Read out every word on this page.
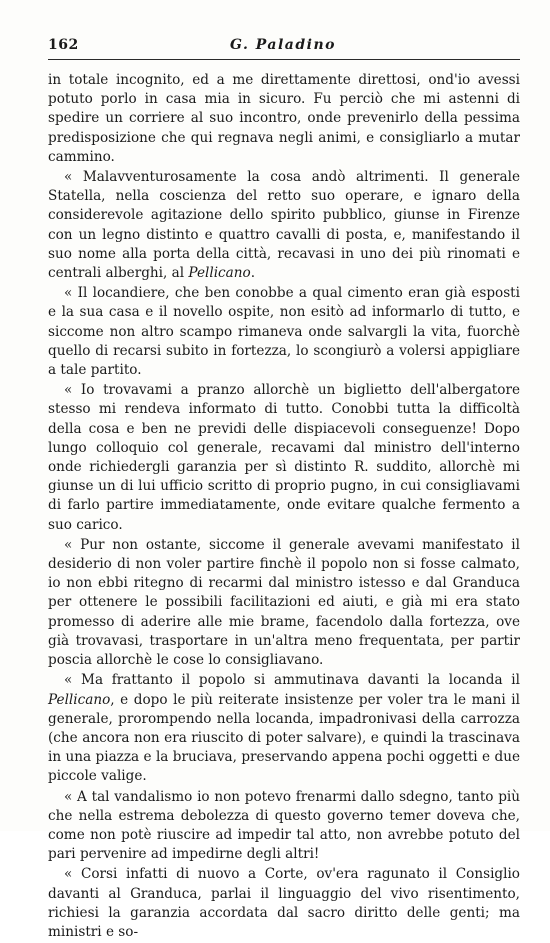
162	G. Paladino

in totale incognito, ed a me direttamente direttosi, ond'io avessi potuto porlo in casa mia in sicuro. Fu perciò che mi astenni di spedire un corriere al suo incontro, onde prevenirlo della pessima predisposizione che qui regnava negli animi, e consigliarlo a mutar cammino.

« Malavventurosamente la cosa andò altrimenti. Il generale Statella, nella coscienza del retto suo operare, e ignaro della considerevole agitazione dello spirito pubblico, giunse in Firenze con un legno distinto e quattro cavalli di posta, e, manifestando il suo nome alla porta della città, recavasi in uno dei più rinomati e centrali alberghi, al Pellicano.

« Il locandiere, che ben conobbe a qual cimento eran già esposti e la sua casa e il novello ospite, non esitò ad informarlo di tutto, e siccome non altro scampo rimaneva onde salvargli la vita, fuorchè quello di recarsi subito in fortezza, lo scongiurò a volersi appigliare a tale partito.

« Io trovavami a pranzo allorchè un biglietto dell'albergatore stesso mi rendeva informato di tutto. Conobbi tutta la difficoltà della cosa e ben ne previdi delle dispiacevoli conseguenze! Dopo lungo colloquio col generale, recavami dal ministro dell'interno onde richiedergli garanzia per sì distinto R. suddito, allorchè mi giunse un di lui ufficio scritto di proprio pugno, in cui consigliavami di farlo partire immediatamente, onde evitare qualche fermento a suo carico.

« Pur non ostante, siccome il generale avevami manifestato il desiderio di non voler partire finchè il popolo non si fosse calmato, io non ebbi ritegno di recarmi dal ministro istesso e dal Granduca per ottenere le possibili facilitazioni ed aiuti, e già mi era stato promesso di aderire alle mie brame, facendolo dalla fortezza, ove già trovavasi, trasportare in un'altra meno frequentata, per partir poscia allorchè le cose lo consigliavano.

« Ma frattanto il popolo si ammutinava davanti la locanda il Pellicano, e dopo le più reiterate insistenze per voler tra le mani il generale, prorompendo nella locanda, impadronivasi della carrozza (che ancora non era riuscito di poter salvare), e quindi la trascinava in una piazza e la bruciava, preservando appena pochi oggetti e due piccole valige.

« A tal vandalismo io non potevo frenarmi dallo sdegno, tanto più che nella estrema debolezza di questo governo temer doveva che, come non potè riuscire ad impedir tal atto, non avrebbe potuto del pari pervenire ad impedirne degli altri!

« Corsi infatti di nuovo a Corte, ov'era ragunato il Consiglio davanti al Granduca, parlai il linguaggio del vivo risentimento, richiesi la garanzia accordata dal sacro diritto delle genti; ma ministri e so-
